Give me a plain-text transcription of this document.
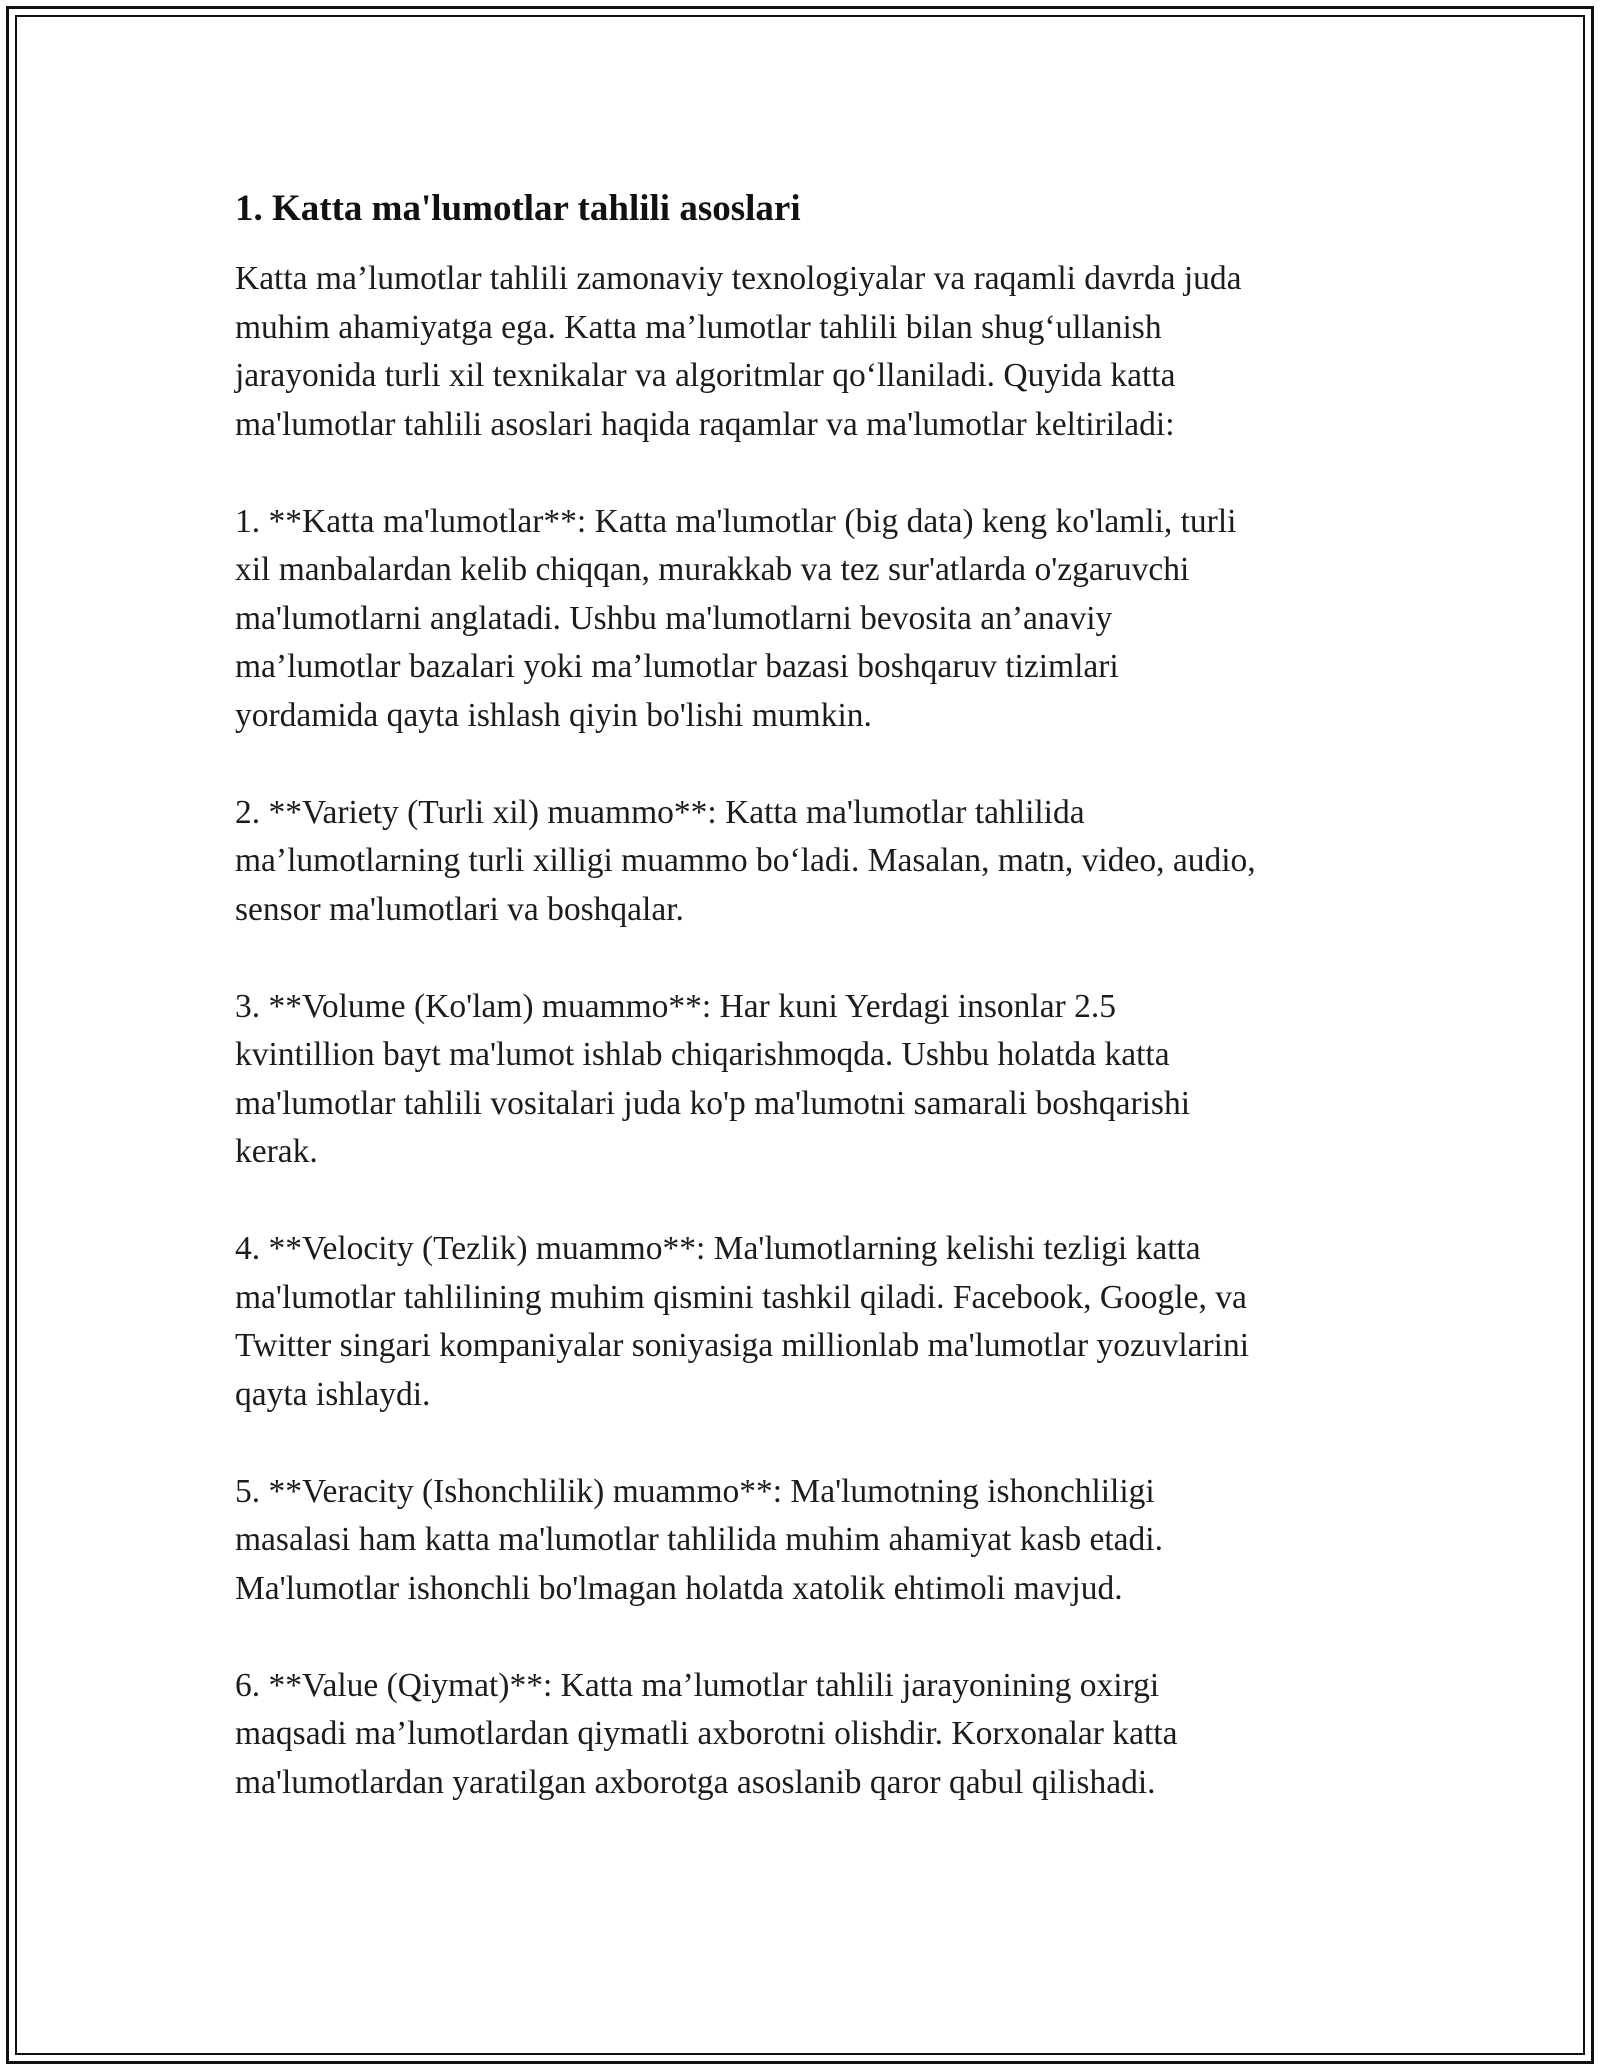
1. Katta ma'lumotlar tahlili asoslari
Katta ma’lumotlar tahlili zamonaviy texnologiyalar va raqamli davrda juda
muhim ahamiyatga ega. Katta ma’lumotlar tahlili bilan shug‘ullanish
jarayonida turli xil texnikalar va algoritmlar qo‘llaniladi. Quyida katta
ma'lumotlar tahlili asoslari haqida raqamlar va ma'lumotlar keltiriladi:
1. **Katta ma'lumotlar**: Katta ma'lumotlar (big data) keng ko'lamli, turli
xil manbalardan kelib chiqqan, murakkab va tez sur'atlarda o'zgaruvchi
ma'lumotlarni anglatadi. Ushbu ma'lumotlarni bevosita an’anaviy
ma’lumotlar bazalari yoki ma’lumotlar bazasi boshqaruv tizimlari
yordamida qayta ishlash qiyin bo'lishi mumkin.
2. **Variety (Turli xil) muammo**: Katta ma'lumotlar tahlilida
ma’lumotlarning turli xilligi muammo bo‘ladi. Masalan, matn, video, audio,
sensor ma'lumotlari va boshqalar.
3. **Volume (Ko'lam) muammo**: Har kuni Yerdagi insonlar 2.5
kvintillion bayt ma'lumot ishlab chiqarishmoqda. Ushbu holatda katta
ma'lumotlar tahlili vositalari juda ko'p ma'lumotni samarali boshqarishi
kerak.
4. **Velocity (Tezlik) muammo**: Ma'lumotlarning kelishi tezligi katta
ma'lumotlar tahlilining muhim qismini tashkil qiladi. Facebook, Google, va
Twitter singari kompaniyalar soniyasiga millionlab ma'lumotlar yozuvlarini
qayta ishlaydi.
5. **Veracity (Ishonchlilik) muammo**: Ma'lumotning ishonchliligi
masalasi ham katta ma'lumotlar tahlilida muhim ahamiyat kasb etadi.
Ma'lumotlar ishonchli bo'lmagan holatda xatolik ehtimoli mavjud.
6. **Value (Qiymat)**: Katta ma’lumotlar tahlili jarayonining oxirgi
maqsadi ma’lumotlardan qiymatli axborotni olishdir. Korxonalar katta
ma'lumotlardan yaratilgan axborotga asoslanib qaror qabul qilishadi.
